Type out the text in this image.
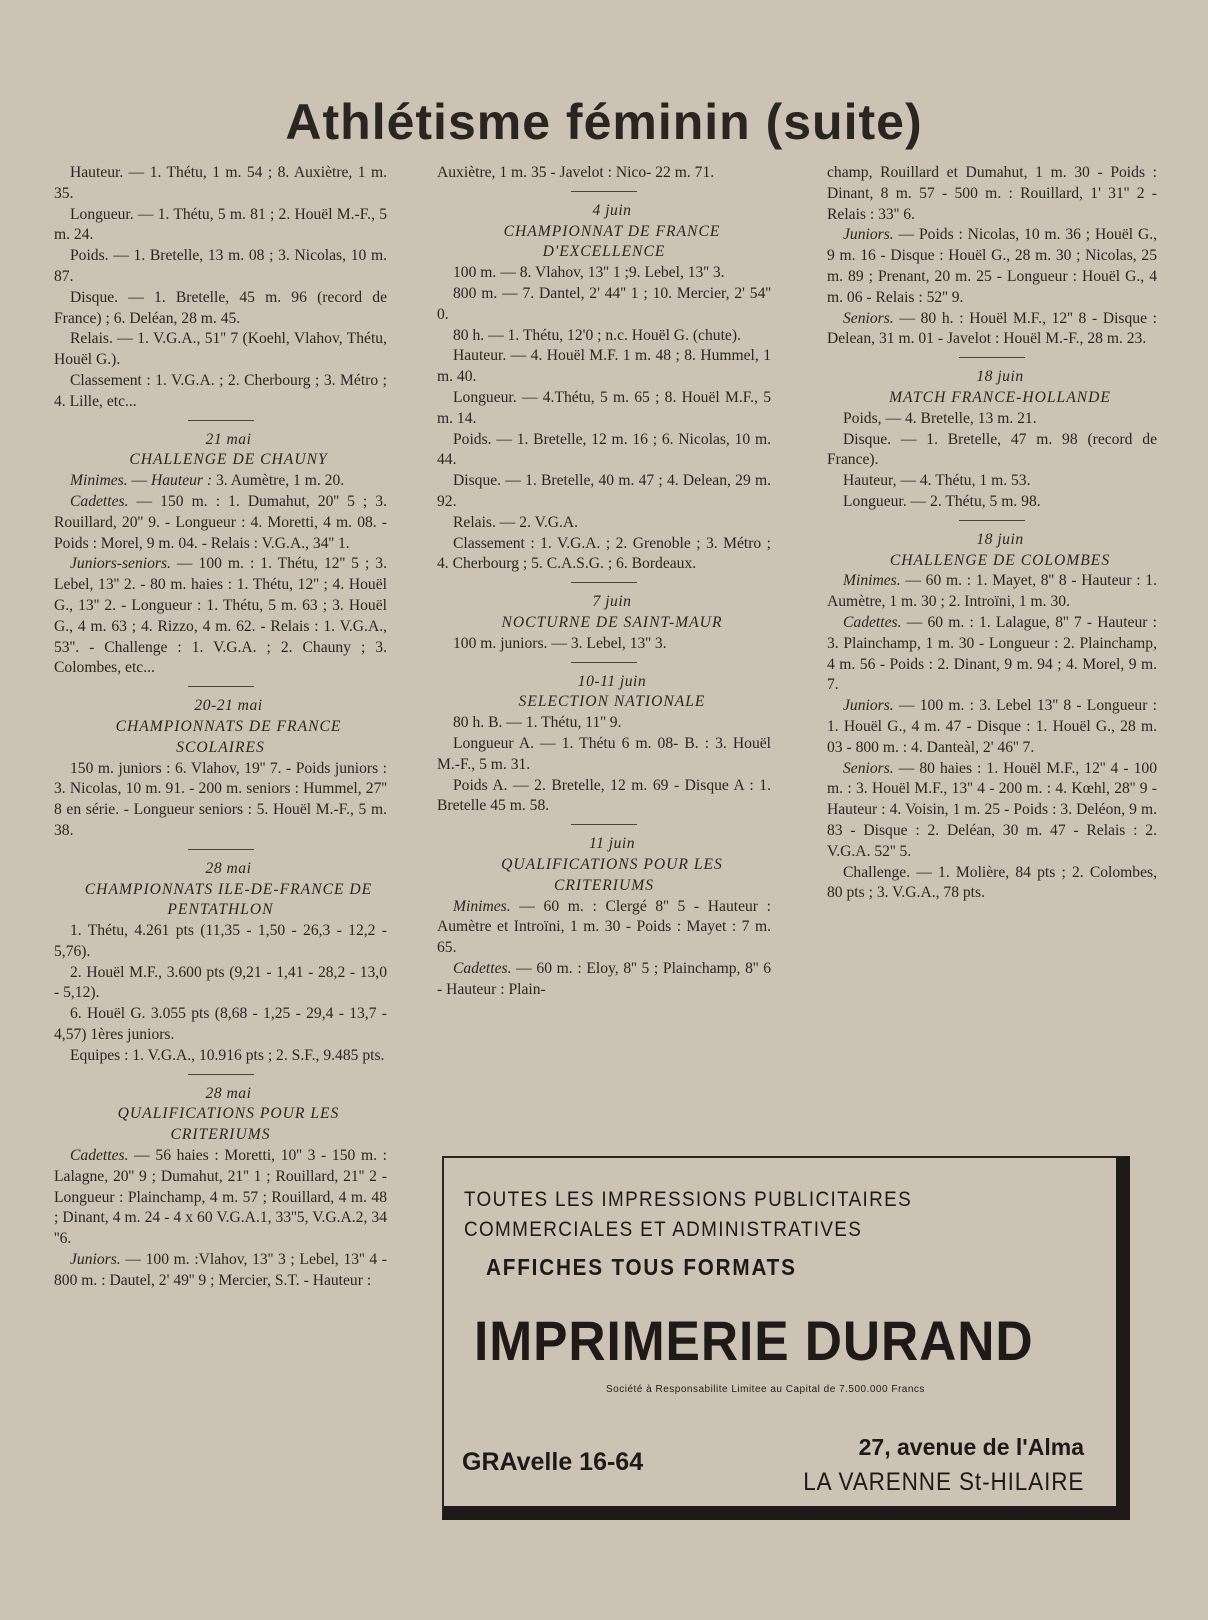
Athlétisme féminin (suite)

Hauteur. — 1. Thétu, 1 m. 54 ; 8. Auxiètre, 1 m. 35.

Longueur. — 1. Thétu, 5 m. 81 ; 2. Houël M.-F., 5 m. 24.

Poids. — 1. Bretelle, 13 m. 08 ; 3. Nicolas, 10 m. 87.

Disque. — 1. Bretelle, 45 m. 96 (record de France) ; 6. Deléan, 28 m. 45.

Relais. — 1. V.G.A., 51'' 7 (Koehl, Vlahov, Thétu, Houël G.).

Classement : 1. V.G.A. ; 2. Cherbourg ; 3. Métro ; 4. Lille, etc...

21 mai

CHALLENGE DE CHAUNY

Minimes. — Hauteur : 3. Aumètre, 1 m. 20.

Cadettes. — 150 m. : 1. Dumahut, 20'' 5 ; 3. Rouillard, 20'' 9. - Longueur : 4. Moretti, 4 m. 08. - Poids : Morel, 9 m. 04. - Relais : V.G.A., 34'' 1.

Juniors-seniors. — 100 m. : 1. Thétu, 12'' 5 ; 3. Lebel, 13'' 2. - 80 m. haies : 1. Thétu, 12'' ; 4. Houël G., 13'' 2. - Longueur : 1. Thétu, 5 m. 63 ; 3. Houël G., 4 m. 63 ; 4. Rizzo, 4 m. 62. - Relais : 1. V.G.A., 53''. - Challenge : 1. V.G.A. ; 2. Chauny ; 3. Colombes, etc...

20-21 mai

CHAMPIONNATS DE FRANCE SCOLAIRES

150 m. juniors : 6. Vlahov, 19'' 7. - Poids juniors : 3. Nicolas, 10 m. 91. - 200 m. seniors : Hummel, 27'' 8 en série. - Longueur seniors : 5. Houël M.-F., 5 m. 38.

28 mai

CHAMPIONNATS ILE-DE-FRANCE DE PENTATHLON

1. Thétu, 4.261 pts (11,35 - 1,50 - 26,3 - 12,2 - 5,76).

2. Houël M.F., 3.600 pts (9,21 - 1,41 - 28,2 - 13,0 - 5,12).

6. Houël G. 3.055 pts (8,68 - 1,25 - 29,4 - 13,7 - 4,57) 1ères juniors.

Equipes : 1. V.G.A., 10.916 pts ; 2. S.F., 9.485 pts.

28 mai

QUALIFICATIONS POUR LES CRITERIUMS

Cadettes. — 56 haies : Moretti, 10'' 3 - 150 m. : Lalagne, 20'' 9 ; Dumahut, 21'' 1 ; Rouillard, 21'' 2 - Longueur : Plainchamp, 4 m. 57 ; Rouillard, 4 m. 48 ; Dinant, 4 m. 24 - 4 x 60 V.G.A.1, 33''5, V.G.A.2, 34 ''6.

Juniors. — 100 m. :Vlahov, 13'' 3 ; Lebel, 13'' 4 - 800 m. : Dautel, 2' 49'' 9 ; Mercier, S.T. - Hauteur :

Auxiètre, 1 m. 35 - Javelot : Nico- 22 m. 71.

4 juin

CHAMPIONNAT DE FRANCE D'EXCELLENCE

100 m. — 8. Vlahov, 13'' 1 ;9. Lebel, 13'' 3.

800 m. — 7. Dantel, 2' 44'' 1 ; 10. Mercier, 2' 54'' 0.

80 h. — 1. Thétu, 12'0 ; n.c. Houël G. (chute).

Hauteur. — 4. Houël M.F. 1 m. 48 ; 8. Hummel, 1 m. 40.

Longueur. — 4.Thétu, 5 m. 65 ; 8. Houël M.F., 5 m. 14.

Poids. — 1. Bretelle, 12 m. 16 ; 6. Nicolas, 10 m. 44.

Disque. — 1. Bretelle, 40 m. 47 ; 4. Delean, 29 m. 92.

Relais. — 2. V.G.A.

Classement : 1. V.G.A. ; 2. Grenoble ; 3. Métro ; 4. Cherbourg ; 5. C.A.S.G. ; 6. Bordeaux.

7 juin

NOCTURNE DE SAINT-MAUR

100 m. juniors. — 3. Lebel, 13'' 3.

10-11 juin

SELECTION NATIONALE

80 h. B. — 1. Thétu, 11'' 9.

Longueur A. — 1. Thétu 6 m. 08- B. : 3. Houël M.-F., 5 m. 31.

Poids A. — 2. Bretelle, 12 m. 69 - Disque A : 1. Bretelle 45 m. 58.

11 juin

QUALIFICATIONS POUR LES CRITERIUMS

Minimes. — 60 m. : Clergé 8'' 5 - Hauteur : Aumètre et Introïni, 1 m. 30 - Poids : Mayet : 7 m. 65.

Cadettes. — 60 m. : Eloy, 8'' 5 ; Plainchamp, 8'' 6 - Hauteur : Plain-

champ, Rouillard et Dumahut, 1 m. 30 - Poids : Dinant, 8 m. 57 - 500 m. : Rouillard, 1' 31'' 2 - Relais : 33'' 6.

Juniors. — Poids : Nicolas, 10 m. 36 ; Houël G., 9 m. 16 - Disque : Houël G., 28 m. 30 ; Nicolas, 25 m. 89 ; Prenant, 20 m. 25 - Longueur : Houël G., 4 m. 06 - Relais : 52'' 9.

Seniors. — 80 h. : Houël M.F., 12'' 8 - Disque : Delean, 31 m. 01 - Javelot : Houël M.-F., 28 m. 23.

18 juin

MATCH FRANCE-HOLLANDE

Poids, — 4. Bretelle, 13 m. 21.

Disque. — 1. Bretelle, 47 m. 98 (record de France).

Hauteur, — 4. Thétu, 1 m. 53.

Longueur. — 2. Thétu, 5 m. 98.

18 juin

CHALLENGE DE COLOMBES

Minimes. — 60 m. : 1. Mayet, 8'' 8 - Hauteur : 1. Aumètre, 1 m. 30 ; 2. Introïni, 1 m. 30.

Cadettes. — 60 m. : 1. Lalague, 8'' 7 - Hauteur : 3. Plainchamp, 1 m. 30 - Longueur : 2. Plainchamp, 4 m. 56 - Poids : 2. Dinant, 9 m. 94 ; 4. Morel, 9 m. 7.

Juniors. — 100 m. : 3. Lebel 13'' 8 - Longueur : 1. Houël G., 4 m. 47 - Disque : 1. Houël G., 28 m. 03 - 800 m. : 4. Danteàl, 2' 46'' 7.

Seniors. — 80 haies : 1. Houël M.F., 12'' 4 - 100 m. : 3. Houël M.F., 13'' 4 - 200 m. : 4. Kœhl, 28'' 9 - Hauteur : 4. Voisin, 1 m. 25 - Poids : 3. Deléon, 9 m. 83 - Disque : 2. Deléan, 30 m. 47 - Relais : 2. V.G.A. 52'' 5.

Challenge. — 1. Molière, 84 pts ; 2. Colombes, 80 pts ; 3. V.G.A., 78 pts.

TOUTES LES IMPRESSIONS PUBLICITAIRES
COMMERCIALES ET ADMINISTRATIVES
AFFICHES TOUS FORMATS
IMPRIMERIE DURAND
Société à Responsabilite Limitee au Capital de 7.500.000 Francs
GRAvelle 16-64
27, avenue de l'Alma
LA VARENNE St-HILAIRE
